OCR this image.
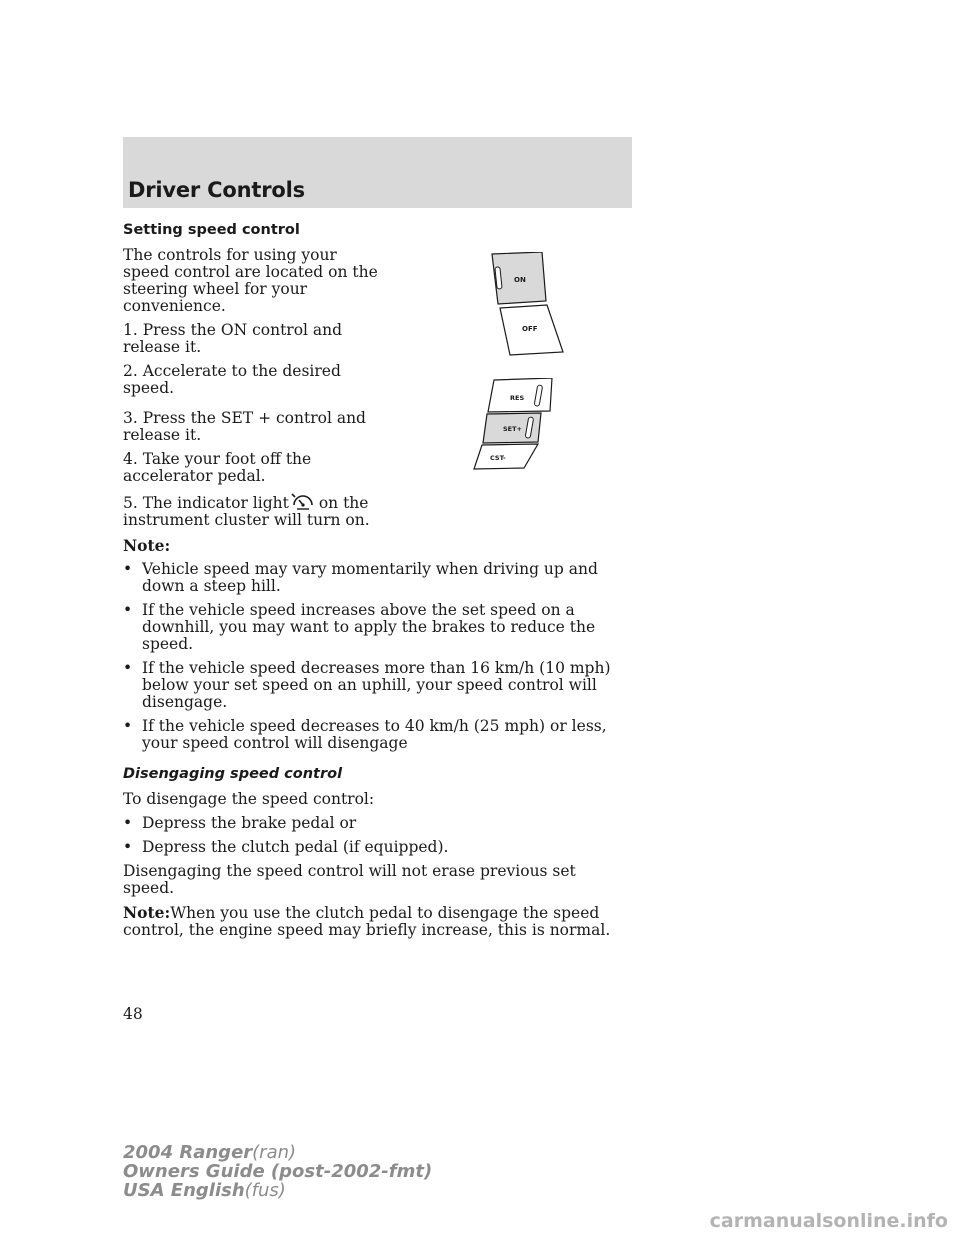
Driver Controls
ON
OFF
RES
SET+
CST-
Setting speed control

The controls for using your speed control are located on the steering wheel for your convenience.

1. Press the ON control and release it.

2. Accelerate to the desired speed.

3. Press the SET + control and release it.

4. Take your foot off the accelerator pedal.

5. The indicator light on the instrument cluster will turn on.

Note:
• Vehicle speed may vary momentarily when driving up and down a steep hill.
• If the vehicle speed increases above the set speed on a downhill, you may want to apply the brakes to reduce the speed.
• If the vehicle speed decreases more than 16 km/h (10 mph) below your set speed on an uphill, your speed control will disengage.
• If the vehicle speed decreases to 40 km/h (25 mph) or less, your speed control will disengage
Disengaging speed control

To disengage the speed control:

• Depress the brake pedal or
• Depress the clutch pedal (if equipped).

Disengaging the speed control will not erase previous set speed.

Note:When you use the clutch pedal to disengage the speed control, the engine speed may briefly increase, this is normal.

48
2004 Ranger(ran)
Owners Guide (post-2002-fmt)
USA English(fus)
carmanualsonline.info
